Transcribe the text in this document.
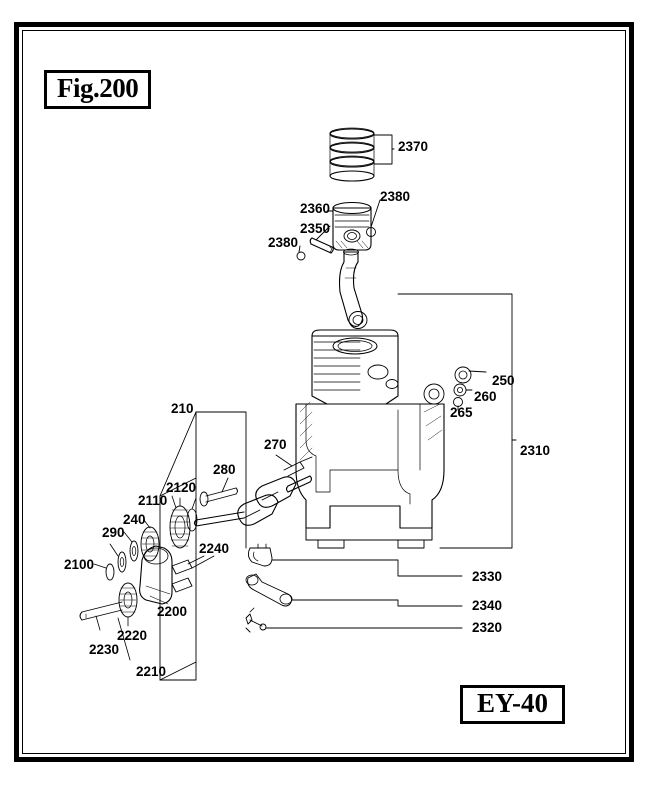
2370
2380
2360
2350
2380
250
260
265
2310
210
270
280
2120
2110
240
290
2240
2100
2200
2220
2230
2210
2330
2340
2320
Fig.200
EY-40
